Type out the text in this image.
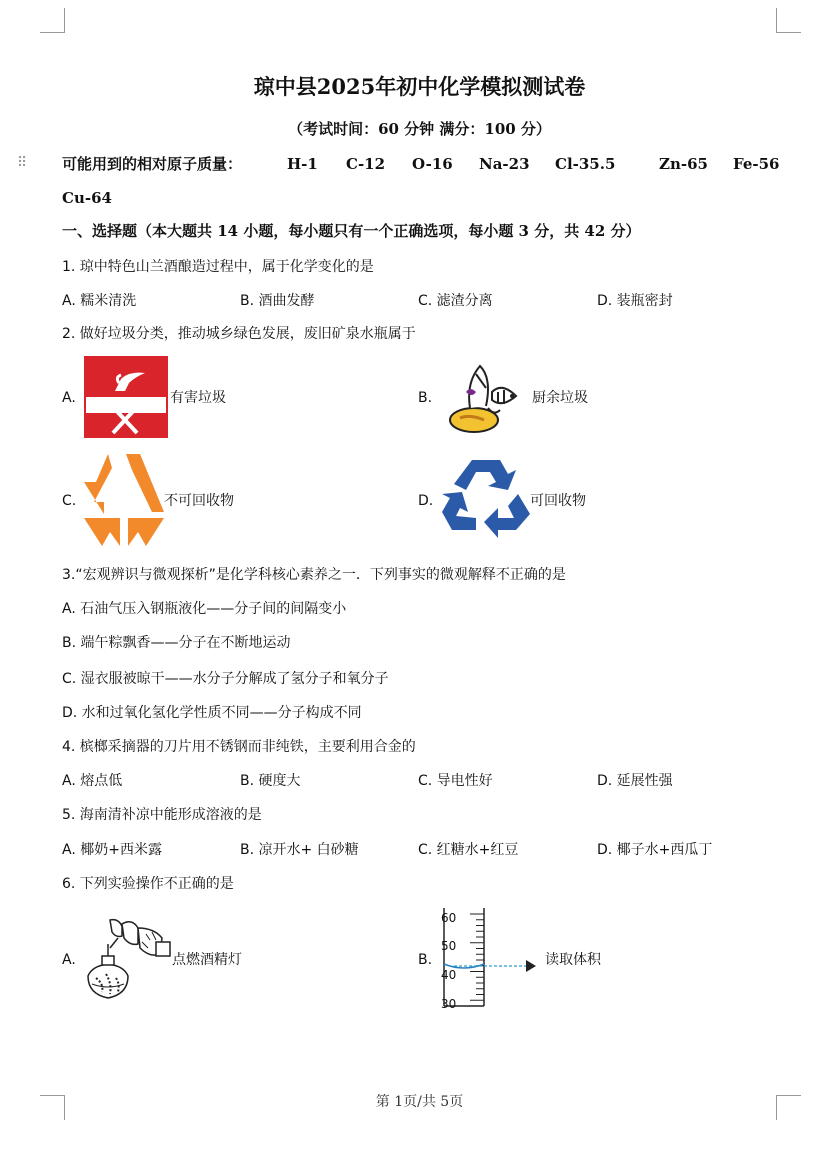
琼中县2025年初中化学模拟测试卷
（考试时间：60 分钟 满分：100 分）
⠿ 可能用到的相对原子质量：	H-1 C-12 O-16 Na-23 Cl-35.5	Zn-65 Fe-56
Cu-64
一、选择题（本大题共 14 小题，每小题只有一个正确选项，每小题 3 分，共 42 分）
1. 琼中特色山兰酒酿造过程中，属于化学变化的是
A. 糯米清洗	B. 酒曲发酵	C. 滤渣分离	D. 装瓶密封
2. 做好垃圾分类，推动城乡绿色发展，废旧矿泉水瓶属于
A.	有害垃圾	B.	厨余垃圾
C.	不可回收物	D.	可回收物
3.“宏观辨识与微观探析”是化学科核心素养之一．下列事实的微观解释不正确的是
A. 石油气压入钢瓶液化——分子间的间隔变小
B. 端午粽飘香——分子在不断地运动
C. 湿衣服被晾干——水分子分解成了氢分子和氧分子
D. 水和过氧化氢化学性质不同——分子构成不同
4. 槟榔采摘器的刀片用不锈钢而非纯铁，主要利用合金的
A. 熔点低	B. 硬度大	C. 导电性好	D. 延展性强
5. 海南清补凉中能形成溶液的是
A. 椰奶+西米露	B. 凉开水+ 白砂糖	C. 红糖水+红豆	D. 椰子水+西瓜丁
6. 下列实验操作不正确的是
A.	点燃酒精灯	B.
60
50
40
30
读取体积
第 1页/共 5页
